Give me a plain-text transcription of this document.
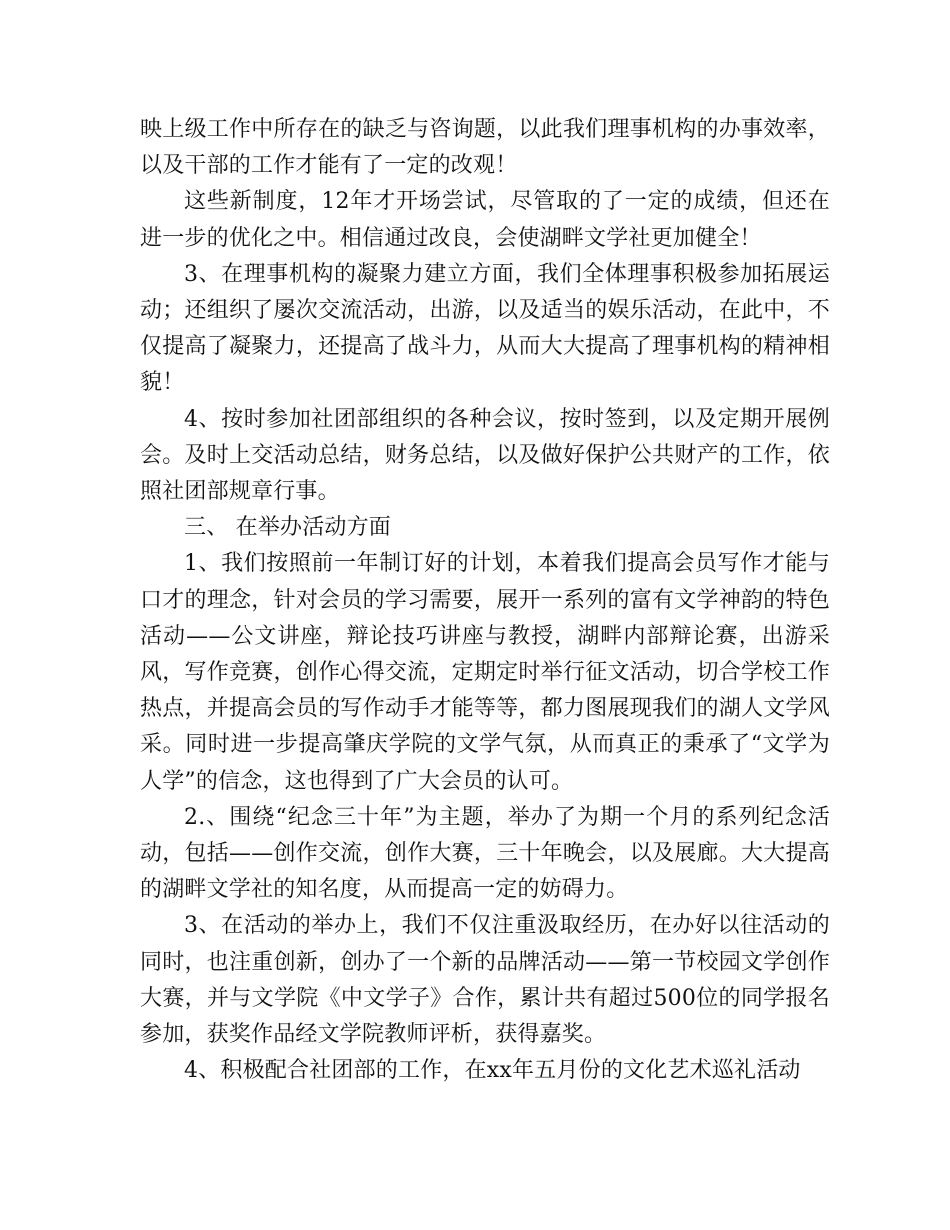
映上级工作中所存在的缺乏与咨询题，以此我们理事机构的办事效率，以及干部的工作才能有了一定的改观！

这些新制度，12年才开场尝试，尽管取的了一定的成绩，但还在进一步的优化之中。相信通过改良，会使湖畔文学社更加健全！

3、在理事机构的凝聚力建立方面，我们全体理事积极参加拓展运动；还组织了屡次交流活动，出游，以及适当的娱乐活动，在此中，不仅提高了凝聚力，还提高了战斗力，从而大大提高了理事机构的精神相貌！

4、按时参加社团部组织的各种会议，按时签到，以及定期开展例会。及时上交活动总结，财务总结，以及做好保护公共财产的工作，依照社团部规章行事。

三、 在举办活动方面

1、我们按照前一年制订好的计划，本着我们提高会员写作才能与口才的理念，针对会员的学习需要，展开一系列的富有文学神韵的特色活动——公文讲座，辩论技巧讲座与教授，湖畔内部辩论赛，出游采风，写作竞赛，创作心得交流，定期定时举行征文活动，切合学校工作热点，并提高会员的写作动手才能等等，都力图展现我们的湖人文学风采。同时进一步提高肇庆学院的文学气氛，从而真正的秉承了“文学为人学”的信念，这也得到了广大会员的认可。

2.、围绕“纪念三十年”为主题，举办了为期一个月的系列纪念活动，包括——创作交流，创作大赛，三十年晚会，以及展廊。大大提高的湖畔文学社的知名度，从而提高一定的妨碍力。

3、在活动的举办上，我们不仅注重汲取经历，在办好以往活动的同时，也注重创新，创办了一个新的品牌活动——第一节校园文学创作大赛，并与文学院《中文学子》合作，累计共有超过500位的同学报名参加，获奖作品经文学院教师评析，获得嘉奖。

4、积极配合社团部的工作，在xx年五月份的文化艺术巡礼活动
